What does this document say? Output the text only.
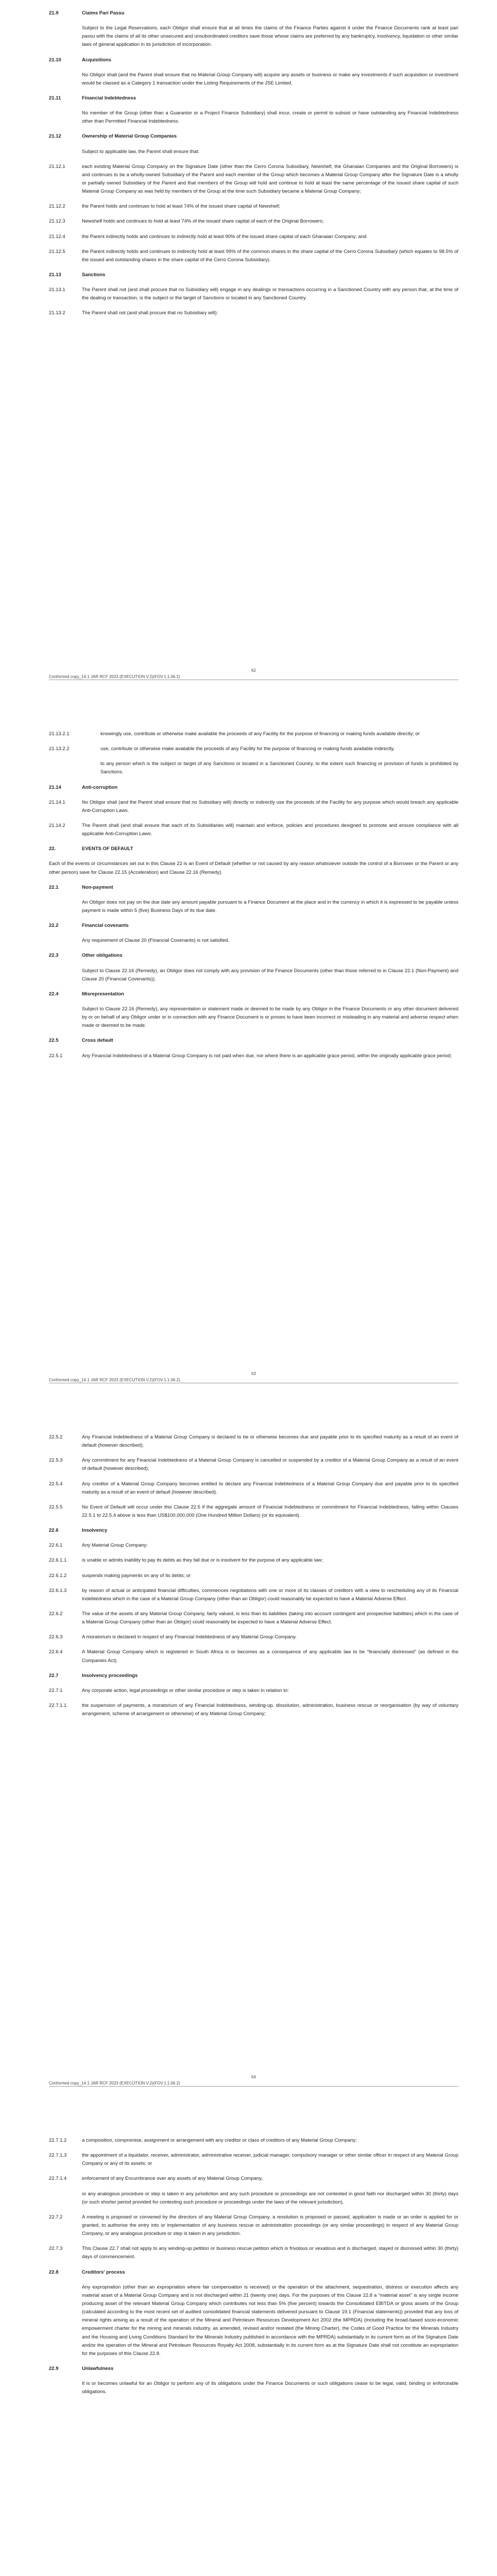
21.9	Claims Pari Passu
Subject to the Legal Reservations, each Obligor shall ensure that at all times the claims of the Finance Parties against it under the Finance Documents rank at least pari passu with the claims of all its other unsecured and unsubordinated creditors save those whose claims are preferred by any bankruptcy, insolvency, liquidation or other similar laws of general application in its jurisdiction of incorporation.
21.10	Acquisitions
No Obligor shall (and the Parent shall ensure that no Material Group Company will) acquire any assets or business or make any investments if such acquisition or investment would be classed as a Category 1 transaction under the Listing Requirements of the JSE Limited.
21.11	Financial Indebtedness
No member of the Group (other than a Guarantor or a Project Finance Subsidiary) shall incur, create or permit to subsist or have outstanding any Financial Indebtedness other than Permitted Financial Indebtedness.
21.12	Ownership of Material Group Companies
Subject to applicable law, the Parent shall ensure that:
21.12.1	each existing Material Group Company on the Signature Date (other than the Cerro Corona Subsidiary, Newshelf, the Ghanaian Companies and the Original Borrowers) is and continues to be a wholly-owned Subsidiary of the Parent and each member of the Group which becomes a Material Group Company after the Signature Date is a wholly or partially owned Subsidiary of the Parent and that members of the Group will hold and continue to hold at least the same percentage of the issued share capital of such Material Group Company as was held by members of the Group at the time such Subsidiary became a Material Group Company;
21.12.2	the Parent holds and continues to hold at least 74% of the issued share capital of Newshelf;
21.12.3	Newshelf holds and continues to hold at least 74% of the issued share capital of each of the Original Borrowers;
21.12.4	the Parent indirectly holds and continues to indirectly hold at least 90% of the issued share capital of each Ghanaian Company; and
21.12.5	the Parent indirectly holds and continues to indirectly hold at least 99% of the common shares in the share capital of the Cerro Corona Subsidiary (which equates to 98.5% of the issued and outstanding shares in the share capital of the Cerro Corona Subsidiary).
21.13	Sanctions
21.13.1	The Parent shall not (and shall procure that no Subsidiary will) engage in any dealings or transactions occurring in a Sanctioned Country with any person that, at the time of the dealing or transaction, is the subject or the target of Sanctions or located in any Sanctioned Country.
21.13.2	The Parent shall not (and shall procure that no Subsidiary will):
62
Conformed copy_14.1 JAR RCF 2023 (EXECUTION V.2)(FOV.1.1.06.2)
21.13.2.1	knowingly use, contribute or otherwise make available the proceeds of any Facility for the purpose of financing or making funds available directly; or
21.13.2.2	use, contribute or otherwise make available the proceeds of any Facility for the purpose of financing or making funds available indirectly,
to any person which is the subject or target of any Sanctions or located in a Sanctioned Country, to the extent such financing or provision of funds is prohibited by Sanctions.
21.14	Anti-corruption
21.14.1	No Obligor shall (and the Parent shall ensure that no Subsidiary will) directly or indirectly use the proceeds of the Facility for any purpose which would breach any applicable Anti-Corruption Laws.
21.14.2	The Parent shall (and shall ensure that each of its Subsidiaries will) maintain and enforce, policies and procedures designed to promote and ensure compliance with all applicable Anti-Corruption Laws.
22.	EVENTS OF DEFAULT
Each of the events or circumstances set out in this Clause 22 is an Event of Default (whether or not caused by any reason whatsoever outside the control of a Borrower or the Parent or any other person) save for Clause 22.15 (Acceleration) and Clause 22.16 (Remedy).
22.1	Non-payment
An Obligor does not pay on the due date any amount payable pursuant to a Finance Document at the place and in the currency in which it is expressed to be payable unless payment is made within 5 (five) Business Days of its due date.
22.2	Financial covenants
Any requirement of Clause 20 (Financial Covenants) is not satisfied.
22.3	Other obligations
Subject to Clause 22.16 (Remedy), an Obligor does not comply with any provision of the Finance Documents (other than those referred to in Clause 22.1 (Non-Payment) and Clause 20 (Financial Covenants)).
22.4	Misrepresentation
Subject to Clause 22.16 (Remedy), any representation or statement made or deemed to be made by any Obligor in the Finance Documents or any other document delivered by or on behalf of any Obligor under or in connection with any Finance Document is or proves to have been incorrect or misleading in any material and adverse respect when made or deemed to be made.
22.5	Cross default
22.5.1	Any Financial Indebtedness of a Material Group Company is not paid when due, nor where there is an applicable grace period, within the originally applicable grace period;
63
Conformed copy_14.1 JAR RCF 2023 (EXECUTION V.2)(FOV.1.1.06.2)
22.5.2	Any Financial Indebtedness of a Material Group Company is declared to be or otherwise becomes due and payable prior to its specified maturity as a result of an event of default (however described);
22.5.3	Any commitment for any Financial Indebtedness of a Material Group Company is cancelled or suspended by a creditor of a Material Group Company as a result of an event of default (however described);
22.5.4	Any creditor of a Material Group Company becomes entitled to declare any Financial Indebtedness of a Material Group Company due and payable prior to its specified maturity as a result of an event of default (however described).
22.5.5	No Event of Default will occur under this Clause 22.5 if the aggregate amount of Financial Indebtedness or commitment for Financial Indebtedness, falling within Clauses 22.5.1 to 22.5.4 above is less than US$100,000,000 (One Hundred Million Dollars) (or its equivalent).
22.6	Insolvency
22.6.1	Any Material Group Company:
22.6.1.1	is unable or admits inability to pay its debts as they fall due or is insolvent for the purpose of any applicable law;
22.6.1.2	suspends making payments on any of its debts; or
22.6.1.3	by reason of actual or anticipated financial difficulties, commences negotiations with one or more of its classes of creditors with a view to rescheduling any of its Financial Indebtedness which in the case of a Material Group Company (other than an Obligor) could reasonably be expected to have a Material Adverse Effect.
22.6.2	The value of the assets of any Material Group Company, fairly valued, is less than its liabilities (taking into account contingent and prospective liabilities) which in the case of a Material Group Company (other than an Obligor) could reasonably be expected to have a Material Adverse Effect.
22.6.3	A moratorium is declared in respect of any Financial Indebtedness of any Material Group Company.
22.6.4	A Material Group Company which is registered in South Africa is or becomes as a consequence of any applicable law to be “financially distressed” (as defined in the Companies Act).
22.7	Insolvency proceedings
22.7.1	Any corporate action, legal proceedings or other similar procedure or step is taken in relation to:
22.7.1.1	the suspension of payments, a moratorium of any Financial Indebtedness, winding-up, dissolution, administration, business rescue or reorganisation (by way of voluntary arrangement, scheme of arrangement or otherwise) of any Material Group Company;
64
Conformed copy_14.1 JAR RCF 2023 (EXECUTION V.2)(FOV.1.1.06.2)
22.7.1.2	a composition, compromise, assignment or arrangement with any creditor or class of creditors of any Material Group Company;
22.7.1.3	the appointment of a liquidator, receiver, administrator, administrative receiver, judicial manager, compulsory manager or other similar officer in respect of any Material Group Company or any of its assets; or
22.7.1.4	enforcement of any Encumbrance over any assets of any Material Group Company,
or any analogous procedure or step is taken in any jurisdiction and any such procedure or proceedings are not contested in good faith nor discharged within 30 (thirty) days (or such shorter period provided for contesting such procedure or proceedings under the laws of the relevant jurisdiction).
22.7.2	A meeting is proposed or convened by the directors of any Material Group Company, a resolution is proposed or passed, application is made or an order is applied for or granted, to authorise the entry into or implementation of any business rescue or administration proceedings (or any similar proceedings) in respect of any Material Group Company, or any analogous procedure or step is taken in any jurisdiction.
22.7.3	This Clause 22.7 shall not apply to any winding-up petition or business rescue petition which is frivolous or vexatious and is discharged, stayed or dismissed within 30 (thirty) days of commencement.
22.8	Creditors' process
Any expropriation (other than an expropriation where fair compensation is received) or the operation of the attachment, sequestration, distress or execution affects any material asset of a Material Group Company and is not discharged within 21 (twenty one) days. For the purposes of this Clause 22.8 a “material asset” is any single income producing asset of the relevant Material Group Company which contributes not less than 5% (five percent) towards the Consolidated EBITDA or gross assets of the Group (calculated according to the most recent set of audited consolidated financial statements delivered pursuant to Clause 19.1 (Financial statements)) provided that any loss of mineral rights arising as a result of the operation of the Mineral and Petroleum Resources Development Act 2002 (the MPRDA) (including the broad-based socio-economic empowerment charter for the mining and minerals industry, as amended, revised and/or restated (the Mining Charter), the Codes of Good Practice for the Minerals Industry and the Housing and Living Conditions Standard for the Minerals Industry published in accordance with the MPRDA) substantially in its current form as of the Signature Date and/or the operation of the Mineral and Petroleum Resources Royalty Act 2008, substantially in its current form as at the Signature Date shall not constitute an expropriation for the purposes of this Clause 22.8.
22.9	Unlawfulness
It is or becomes unlawful for an Obligor to perform any of its obligations under the Finance Documents or such obligations cease to be legal, valid, binding or enforceable obligations.
